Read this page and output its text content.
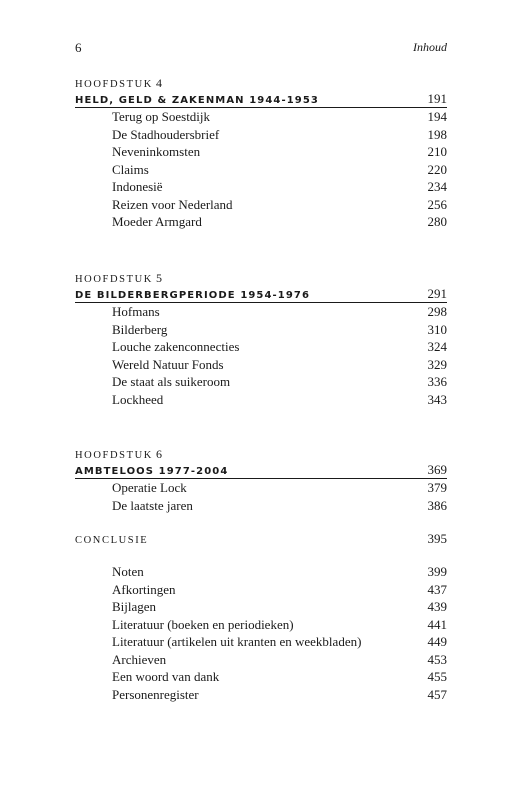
6	Inhoud
HOOFDSTUK 4
HELD, GELD & ZAKENMAN 1944-1953	191
Terug op Soestdijk	194
De Stadhoudersbrief	198
Neveninkomsten	210
Claims	220
Indonesië	234
Reizen voor Nederland	256
Moeder Armgard	280
HOOFDSTUK 5
DE BILDERBERGPERIODE 1954-1976	291
Hofmans	298
Bilderberg	310
Louche zakenconnecties	324
Wereld Natuur Fonds	329
De staat als suikeroom	336
Lockheed	343
HOOFDSTUK 6
AMBTELOOS 1977-2004	369
Operatie Lock	379
De laatste jaren	386
CONCLUSIE	395
Noten	399
Afkortingen	437
Bijlagen	439
Literatuur (boeken en periodieken)	441
Literatuur (artikelen uit kranten en weekbladen)	449
Archieven	453
Een woord van dank	455
Personenregister	457
